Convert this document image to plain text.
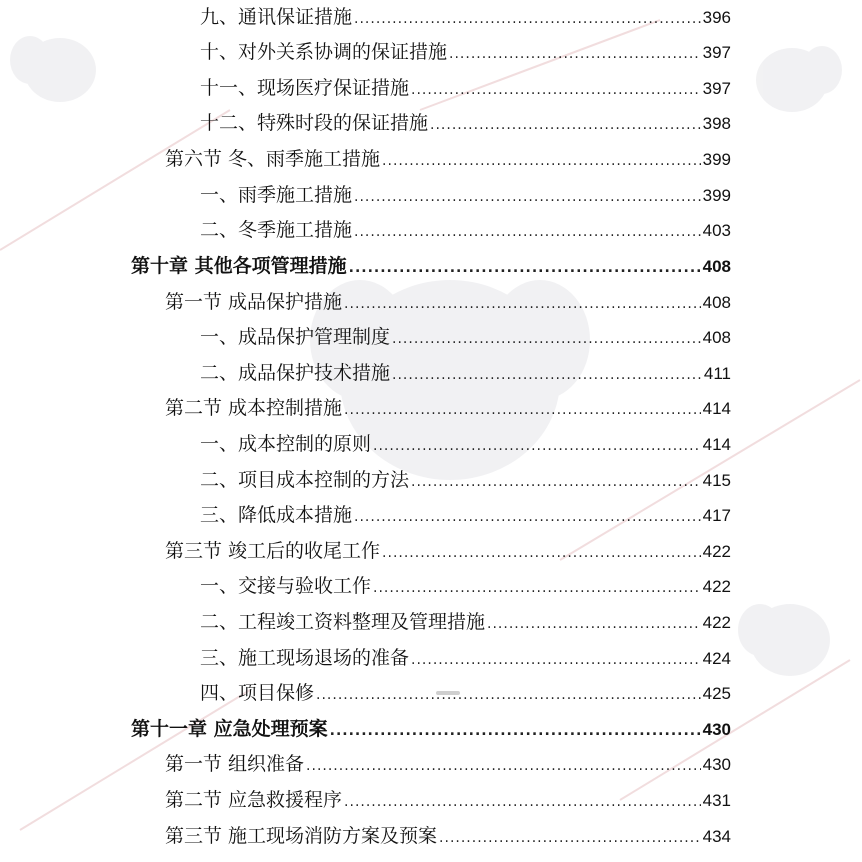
九、通讯保证措施 .....	396
十、对外关系协调的保证措施 .....	397
十一、现场医疗保证措施 .....	397
十二、特殊时段的保证措施 .....	398
第六节 冬、雨季施工措施 .....	399
一、雨季施工措施 .....	399
二、冬季施工措施 .....	403
第十章 其他各项管理措施 .....	408
第一节 成品保护措施 .....	408
一、成品保护管理制度 .....	408
二、成品保护技术措施 .....	411
第二节 成本控制措施 .....	414
一、成本控制的原则 .....	414
二、项目成本控制的方法 .....	415
三、降低成本措施 .....	417
第三节 竣工后的收尾工作 .....	422
一、交接与验收工作 .....	422
二、工程竣工资料整理及管理措施 .....	422
三、施工现场退场的准备 .....	424
四、项目保修 .....	425
第十一章 应急处理预案 .....	430
第一节 组织准备 .....	430
第二节 应急救援程序 .....	431
第三节 施工现场消防方案及预案 .....	434
